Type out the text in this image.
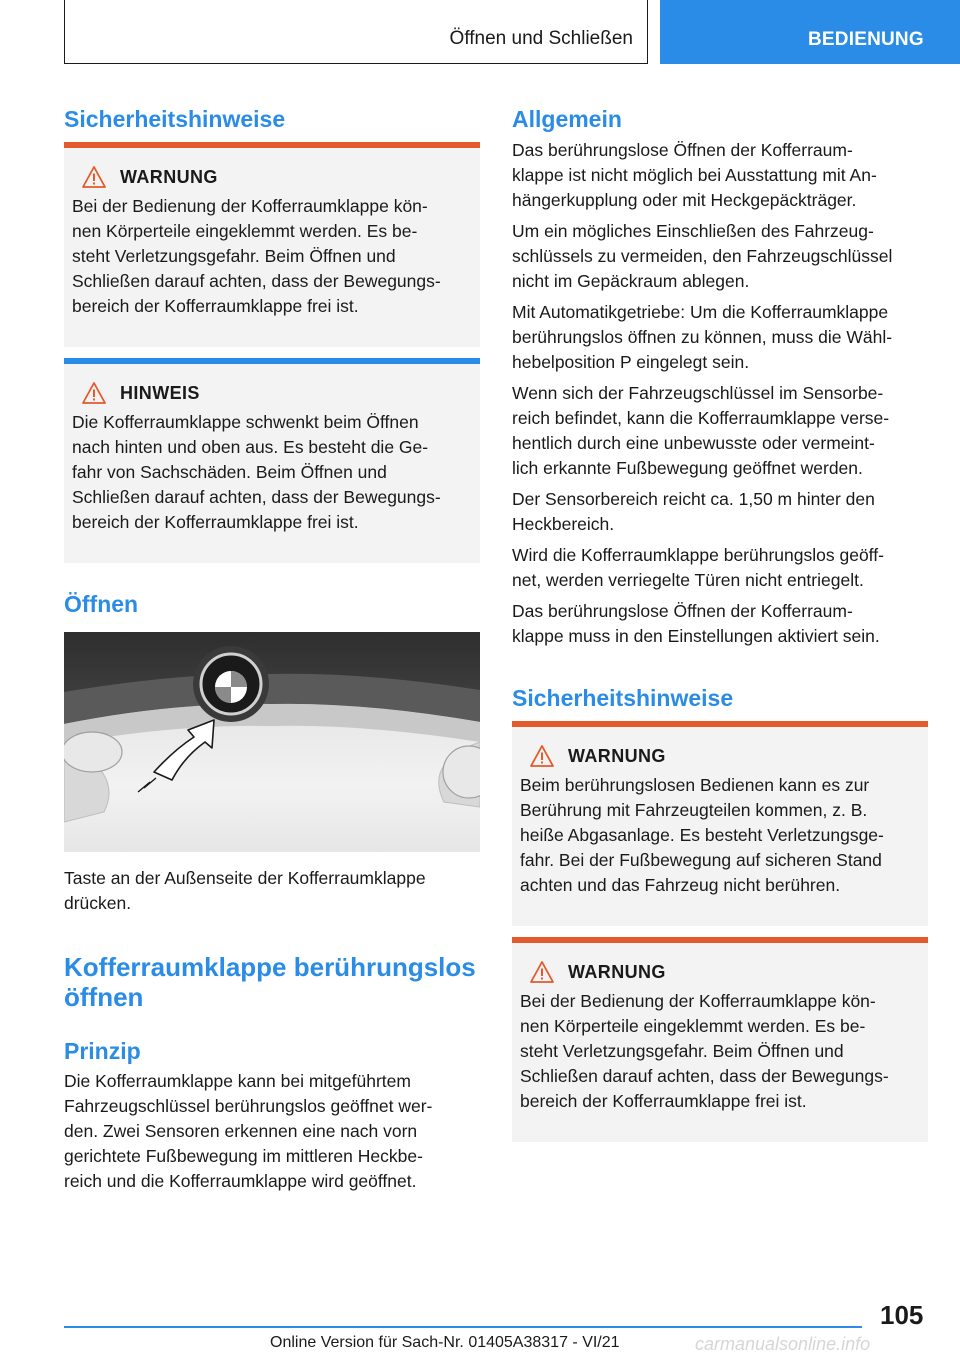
Öffnen und Schließen	BEDIENUNG
Sicherheitshinweise
WARNUNG
Bei der Bedienung der Kofferraumklappe kön-
nen Körperteile eingeklemmt werden. Es be-
steht Verletzungsgefahr. Beim Öffnen und
Schließen darauf achten, dass der Bewegungs-
bereich der Kofferraumklappe frei ist.
HINWEIS
Die Kofferraumklappe schwenkt beim Öffnen
nach hinten und oben aus. Es besteht die Ge-
fahr von Sachschäden. Beim Öffnen und
Schließen darauf achten, dass der Bewegungs-
bereich der Kofferraumklappe frei ist.
Öffnen
Taste an der Außenseite der Kofferraumklappe
drücken.
Kofferraumklappe berührungslos
öffnen
Prinzip
Die Kofferraumklappe kann bei mitgeführtem
Fahrzeugschlüssel berührungslos geöffnet wer-
den. Zwei Sensoren erkennen eine nach vorn
gerichtete Fußbewegung im mittleren Heckbe-
reich und die Kofferraumklappe wird geöffnet.
Allgemein
Das berührungslose Öffnen der Kofferraum-
klappe ist nicht möglich bei Ausstattung mit An-
hängerkupplung oder mit Heckgepäckträger.
Um ein mögliches Einschließen des Fahrzeug-
schlüssels zu vermeiden, den Fahrzeugschlüssel
nicht im Gepäckraum ablegen.
Mit Automatikgetriebe: Um die Kofferraumklappe
berührungslos öffnen zu können, muss die Wähl-
hebelposition P eingelegt sein.
Wenn sich der Fahrzeugschlüssel im Sensorbe-
reich befindet, kann die Kofferraumklappe verse-
hentlich durch eine unbewusste oder vermeint-
lich erkannte Fußbewegung geöffnet werden.
Der Sensorbereich reicht ca. 1,50 m hinter den
Heckbereich.
Wird die Kofferraumklappe berührungslos geöff-
net, werden verriegelte Türen nicht entriegelt.
Das berührungslose Öffnen der Kofferraum-
klappe muss in den Einstellungen aktiviert sein.
Sicherheitshinweise
WARNUNG
Beim berührungslosen Bedienen kann es zur
Berührung mit Fahrzeugteilen kommen, z. B.
heiße Abgasanlage. Es besteht Verletzungsge-
fahr. Bei der Fußbewegung auf sicheren Stand
achten und das Fahrzeug nicht berühren.
WARNUNG
Bei der Bedienung der Kofferraumklappe kön-
nen Körperteile eingeklemmt werden. Es be-
steht Verletzungsgefahr. Beim Öffnen und
Schließen darauf achten, dass der Bewegungs-
bereich der Kofferraumklappe frei ist.
105
Online Version für Sach-Nr. 01405A38317 - VI/21	carmanualsonline.info
